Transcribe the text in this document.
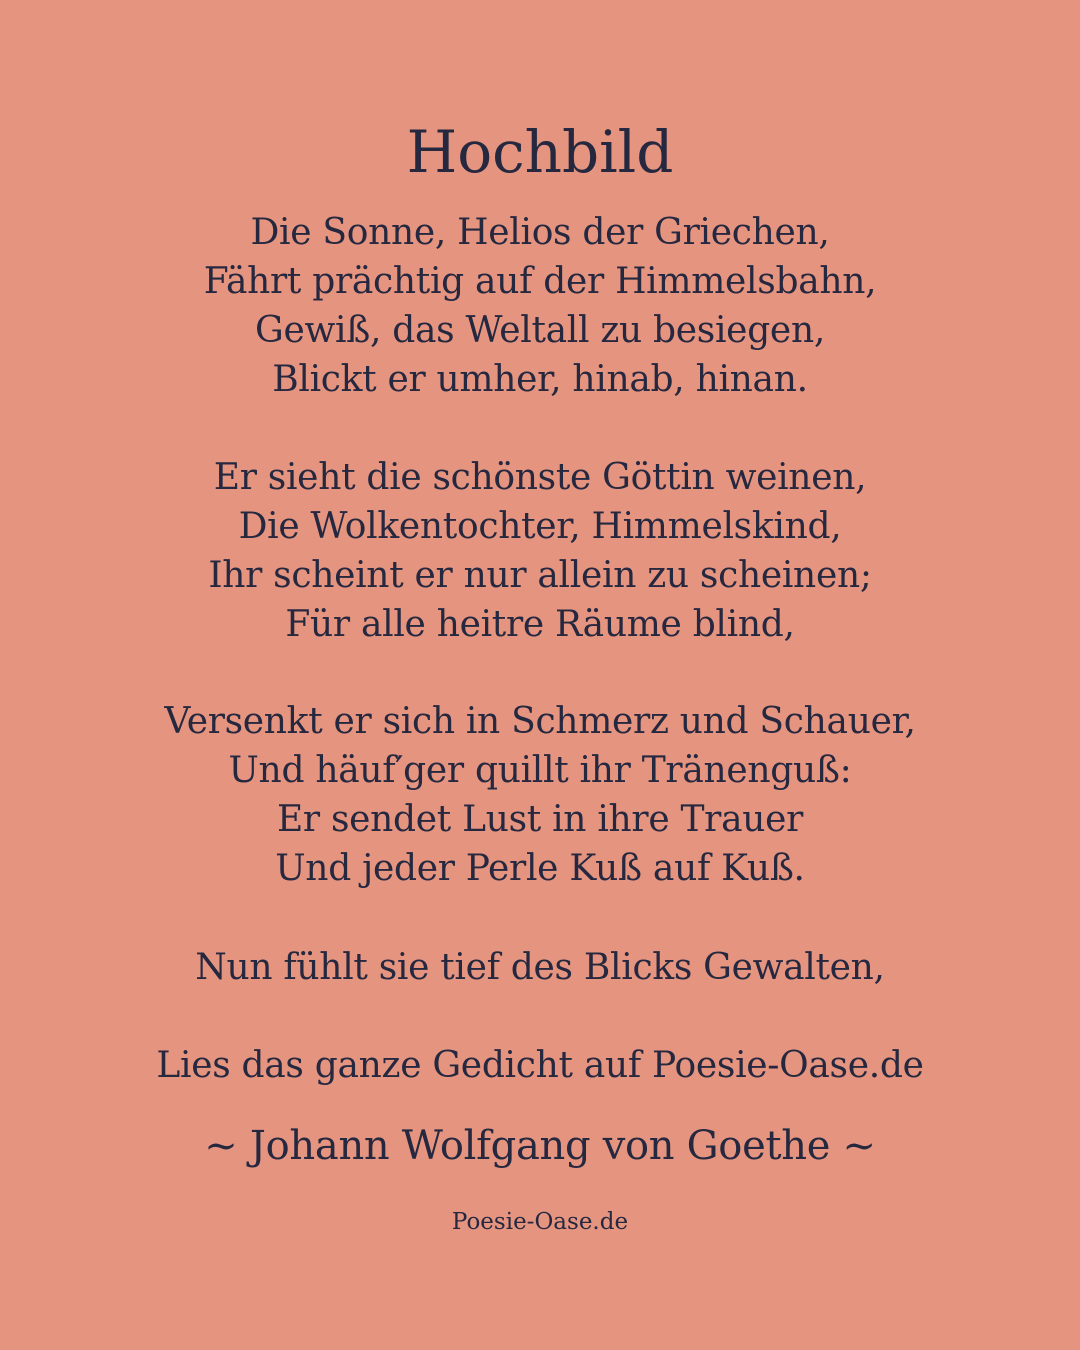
Hochbild

Die Sonne, Helios der Griechen,
Fährt prächtig auf der Himmelsbahn,
Gewiß, das Weltall zu besiegen,
Blickt er umher, hinab, hinan.

Er sieht die schönste Göttin weinen,
Die Wolkentochter, Himmelskind,
Ihr scheint er nur allein zu scheinen;
Für alle heitre Räume blind,

Versenkt er sich in Schmerz und Schauer,
Und häuf′ger quillt ihr Tränenguß:
Er sendet Lust in ihre Trauer
Und jeder Perle Kuß auf Kuß.

Nun fühlt sie tief des Blicks Gewalten,

Lies das ganze Gedicht auf Poesie-Oase.de

~ Johann Wolfgang von Goethe ~
Poesie-Oase.de
